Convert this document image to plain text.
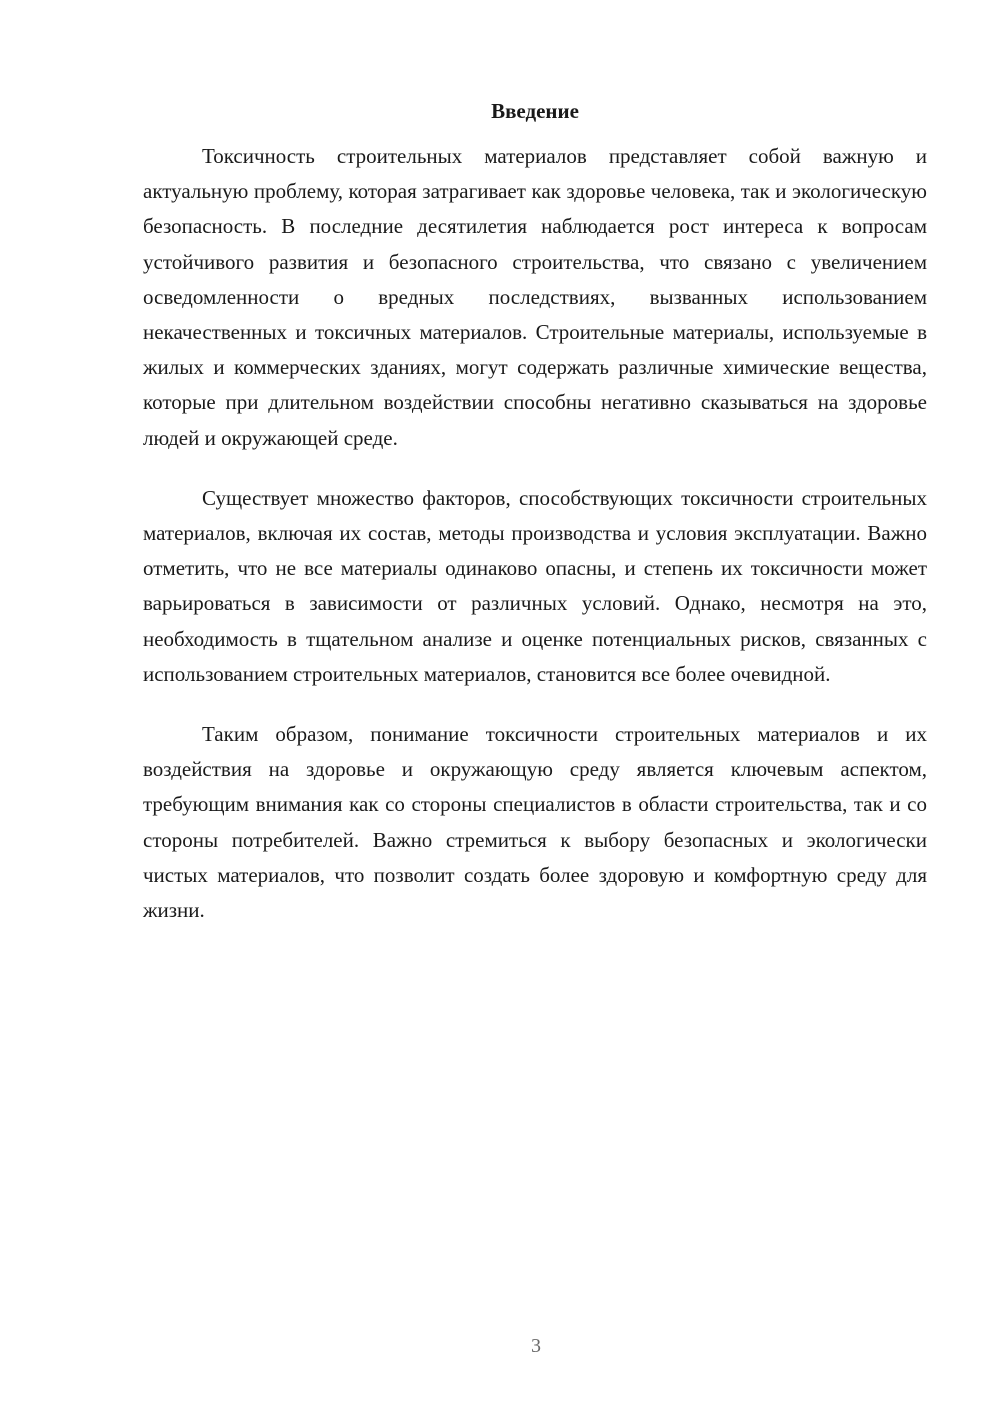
Введение

Токсичность строительных материалов представляет собой важную и актуальную проблему, которая затрагивает как здоровье человека, так и экологическую безопасность. В последние десятилетия наблюдается рост интереса к вопросам устойчивого развития и безопасного строительства, что связано с увеличением осведомленности о вредных последствиях, вызванных использованием некачественных и токсичных материалов. Строительные материалы, используемые в жилых и коммерческих зданиях, могут содержать различные химические вещества, которые при длительном воздействии способны негативно сказываться на здоровье людей и окружающей среде.

Существует множество факторов, способствующих токсичности строительных материалов, включая их состав, методы производства и условия эксплуатации. Важно отметить, что не все материалы одинаково опасны, и степень их токсичности может варьироваться в зависимости от различных условий. Однако, несмотря на это, необходимость в тщательном анализе и оценке потенциальных рисков, связанных с использованием строительных материалов, становится все более очевидной.

Таким образом, понимание токсичности строительных материалов и их воздействия на здоровье и окружающую среду является ключевым аспектом, требующим внимания как со стороны специалистов в области строительства, так и со стороны потребителей. Важно стремиться к выбору безопасных и экологически чистых материалов, что позволит создать более здоровую и комфортную среду для жизни.

3
